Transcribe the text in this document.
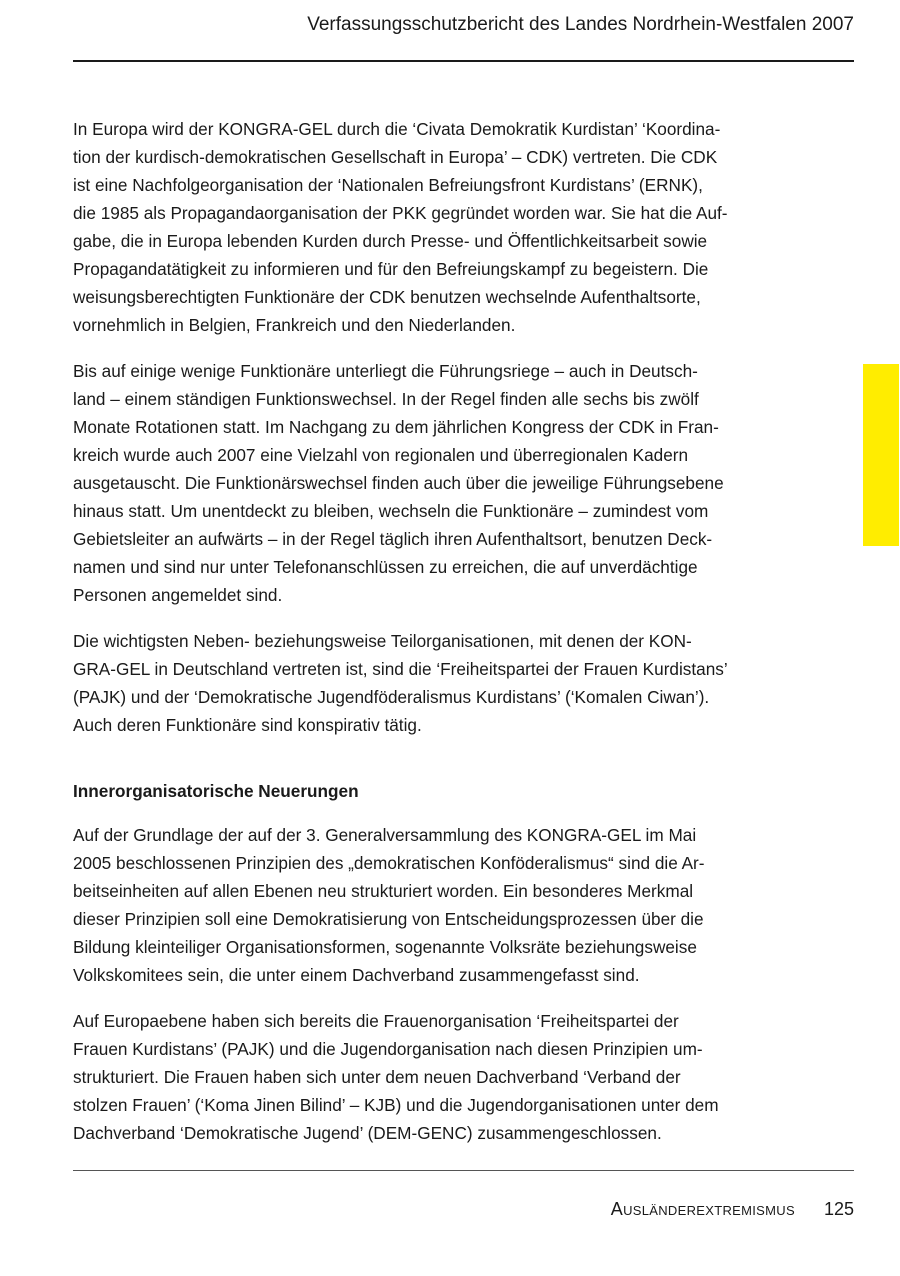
Verfassungsschutzbericht des Landes Nordrhein-Westfalen 2007

In Europa wird der KONGRA-GEL durch die ‘Civata Demokratik Kurdistan’ ‘Koordina-
tion der kurdisch-demokratischen Gesellschaft in Europa’ – CDK) vertreten. Die CDK
ist eine Nachfolgeorganisation der ‘Nationalen Befreiungsfront Kurdistans’ (ERNK),
die 1985 als Propagandaorganisation der PKK gegründet worden war. Sie hat die Auf-
gabe, die in Europa lebenden Kurden durch Presse- und Öffentlichkeitsarbeit sowie
Propagandatätigkeit zu informieren und für den Befreiungskampf zu begeistern. Die
weisungsberechtigten Funktionäre der CDK benutzen wechselnde Aufenthaltsorte,
vornehmlich in Belgien, Frankreich und den Niederlanden.

Bis auf einige wenige Funktionäre unterliegt die Führungsriege – auch in Deutsch-
land – einem ständigen Funktionswechsel. In der Regel finden alle sechs bis zwölf
Monate Rotationen statt. Im Nachgang zu dem jährlichen Kongress der CDK in Fran-
kreich wurde auch 2007 eine Vielzahl von regionalen und überregionalen Kadern
ausgetauscht. Die Funktionärswechsel finden auch über die jeweilige Führungsebene
hinaus statt. Um unentdeckt zu bleiben, wechseln die Funktionäre – zumindest vom
Gebietsleiter an aufwärts – in der Regel täglich ihren Aufenthaltsort, benutzen Deck-
namen und sind nur unter Telefonanschlüssen zu erreichen, die auf unverdächtige
Personen angemeldet sind.

Die wichtigsten Neben- beziehungsweise Teilorganisationen, mit denen der KON-
GRA-GEL in Deutschland vertreten ist, sind die ‘Freiheitspartei der Frauen Kurdistans’
(PAJK) und der ‘Demokratische Jugendföderalismus Kurdistans’ (‘Komalen Ciwan’).
Auch deren Funktionäre sind konspirativ tätig.

Innerorganisatorische Neuerungen

Auf der Grundlage der auf der 3. Generalversammlung des KONGRA-GEL im Mai
2005 beschlossenen Prinzipien des „demokratischen Konföderalismus“ sind die Ar-
beitseinheiten auf allen Ebenen neu strukturiert worden. Ein besonderes Merkmal
dieser Prinzipien soll eine Demokratisierung von Entscheidungsprozessen über die
Bildung kleinteiliger Organisationsformen, sogenannte Volksräte beziehungsweise
Volkskomitees sein, die unter einem Dachverband zusammengefasst sind.

Auf Europaebene haben sich bereits die Frauenorganisation ‘Freiheitspartei der
Frauen Kurdistans’ (PAJK) und die Jugendorganisation nach diesen Prinzipien um-
strukturiert. Die Frauen haben sich unter dem neuen Dachverband ‘Verband der
stolzen Frauen’ (‘Koma Jinen Bilind’ – KJB) und die Jugendorganisationen unter dem
Dachverband ‘Demokratische Jugend’ (DEM-GENC) zusammengeschlossen.

Ausländerextremismus 125
